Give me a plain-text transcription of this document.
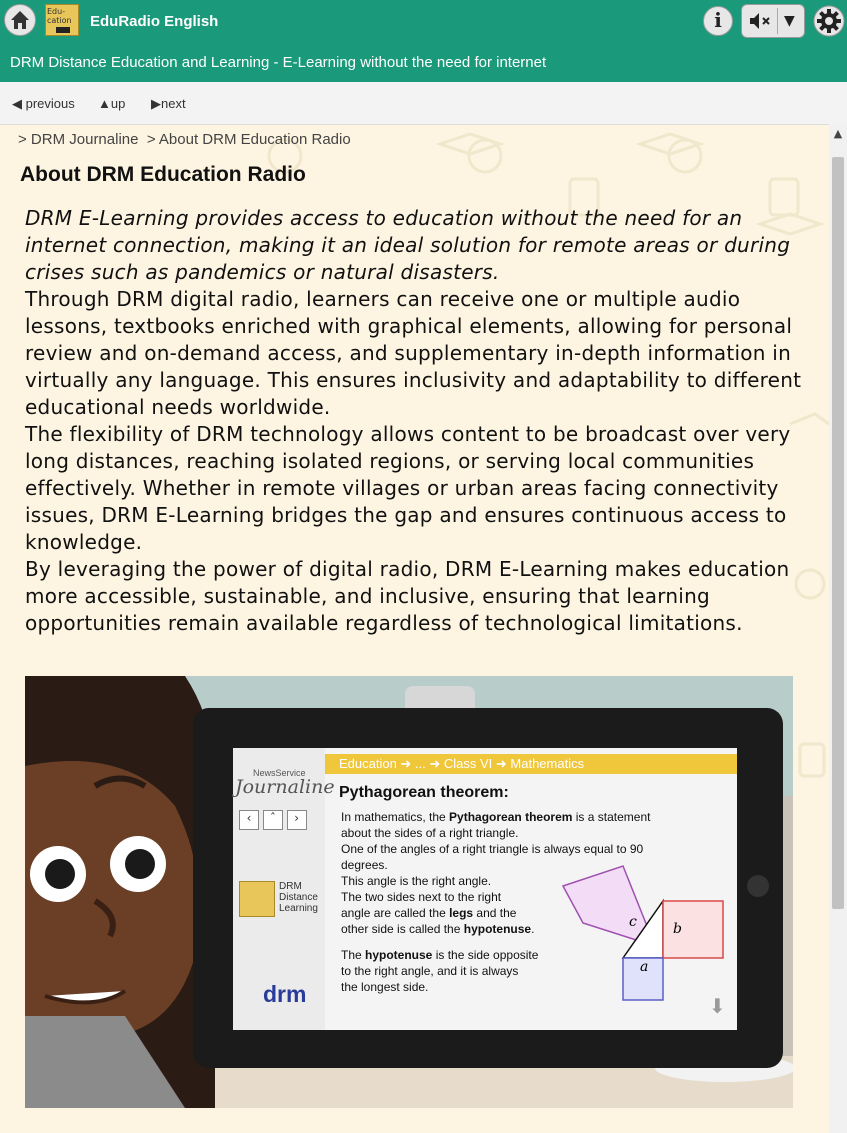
Edu-cation	EduRadio English	i	▼
DRM Distance Education and Learning - E-Learning without the need for internet
◀ previous ▲up ▶next
> DRM Journaline > About DRM Education Radio
About DRM Education Radio

DRM E-Learning provides access to education without the need for an internet connection, making it an ideal solution for remote areas or during crises such as pandemics or natural disasters.

Through DRM digital radio, learners can receive one or multiple audio lessons, textbooks enriched with graphical elements, allowing for personal review and on-demand access, and supplementary in-depth information in virtually any language. This ensures inclusivity and adaptability to different educational needs worldwide.

The flexibility of DRM technology allows content to be broadcast over very long distances, reaching isolated regions, or serving local communities effectively. Whether in remote villages or urban areas facing connectivity issues, DRM E-Learning bridges the gap and ensures continuous access to knowledge.

By leveraging the power of digital radio, DRM E-Learning makes education more accessible, sustainable, and inclusive, ensuring that learning opportunities remain available regardless of technological limitations.

NewsService
Journaline
‹ ˆ ›
DRM
Distance
Learning
drm
Education ➜ ... ➜ Class VI ➜ Mathematics
Pythagorean theorem:
In mathematics, the Pythagorean theorem is a statement
about the sides of a right triangle.
One of the angles of a right triangle is always equal to 90
degrees.
This angle is the right angle.
The two sides next to the right
angle are called the legs and the
other side is called the hypotenuse.
The hypotenuse is the side opposite
to the right angle, and it is always
the longest side.
c	b
a
⬇
▲
